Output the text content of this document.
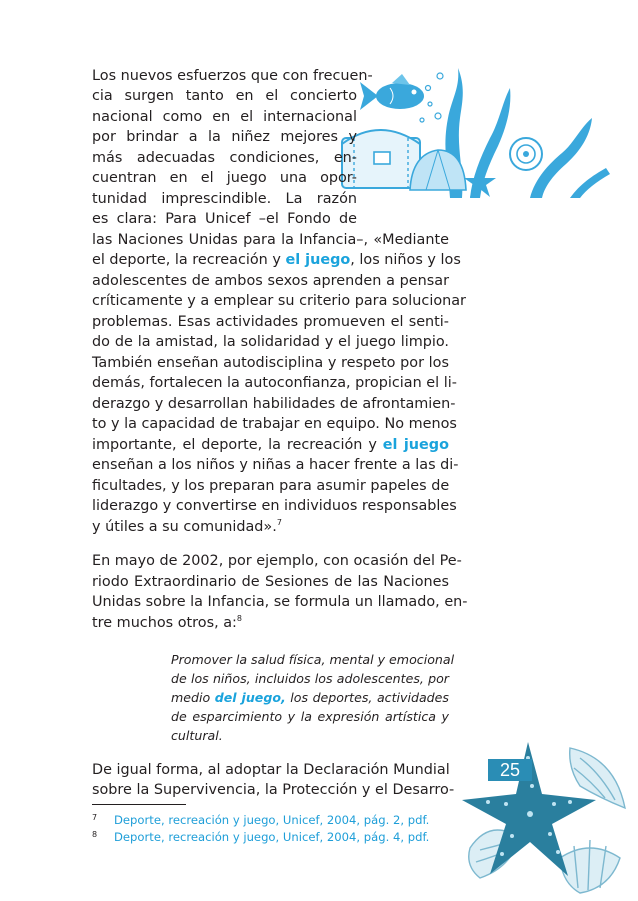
Los nuevos esfuerzos que con frecuen-
cia surgen tanto en el concierto
nacional como en el internacional
por brindar a la niñez mejores y
más adecuadas condiciones, en-
cuentran en el juego una opor-
tunidad imprescindible. La razón
es clara: Para Unicef –el Fondo de
las Naciones Unidas para la Infancia–, «Mediante
el deporte, la recreación y el juego, los niños y los
adolescentes de ambos sexos aprenden a pensar
críticamente y a emplear su criterio para solucionar
problemas. Esas actividades promueven el senti-
do de la amistad, la solidaridad y el juego limpio.
También enseñan autodisciplina y respeto por los
demás, fortalecen la autoconfianza, propician el li-
derazgo y desarrollan habilidades de afrontamien-
to y la capacidad de trabajar en equipo. No menos
importante, el deporte, la recreación y el juego
enseñan a los niños y niñas a hacer frente a las di-
ficultades, y los preparan para asumir papeles de
liderazgo y convertirse en individuos responsables
y útiles a su comunidad».$^7$
En mayo de 2002, por ejemplo, con ocasión del Pe-
riodo Extraordinario de Sesiones de las Naciones
Unidas sobre la Infancia, se formula un llamado, en-
tre muchos otros, a:$^8$
Promover la salud física, mental y emocional
de los niños, incluidos los adolescentes, por
medio del juego, los deportes, actividades
de esparcimiento y la expresión artística y
cultural.
De igual forma, al adoptar la Declaración Mundial
sobre la Supervivencia, la Protección y el Desarro-
25
7 Deporte, recreación y juego, Unicef, 2004, pág. 2, pdf.
8 Deporte, recreación y juego, Unicef, 2004, pág. 4, pdf.
